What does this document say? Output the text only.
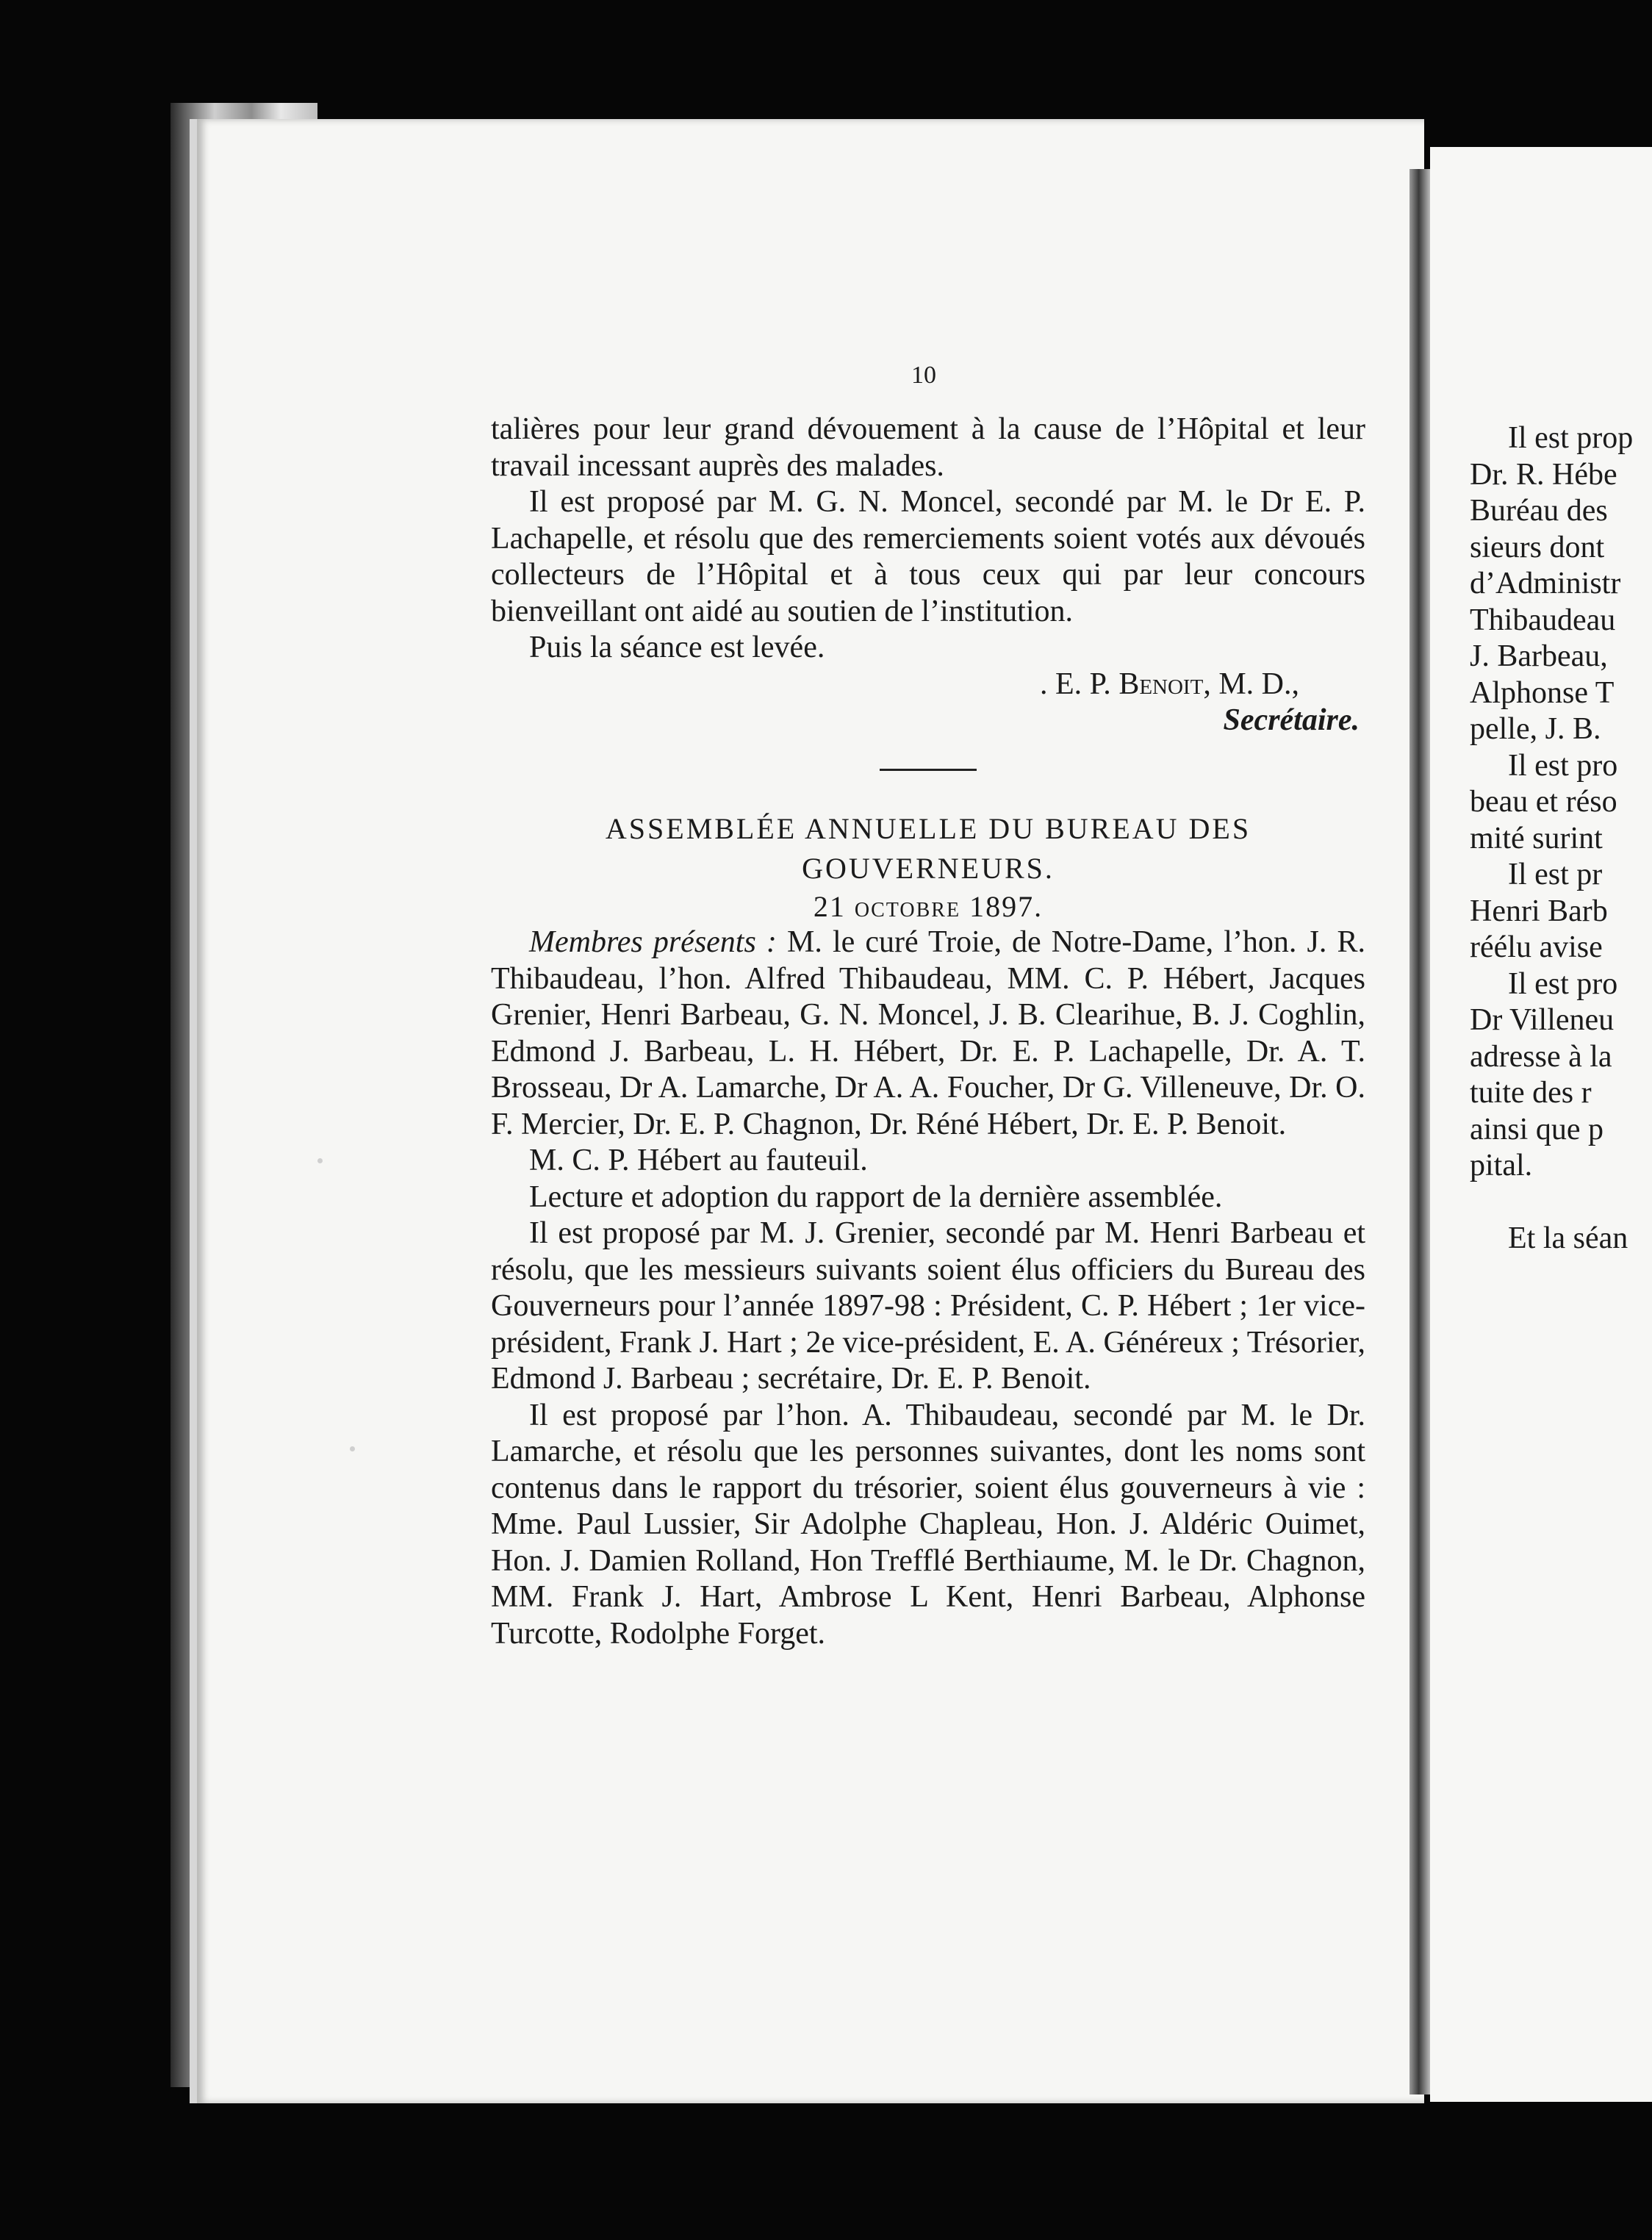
10

talières pour leur grand dévouement à la cause de l’Hôpital et leur travail incessant auprès des malades.

Il est proposé par M. G. N. Moncel, secondé par M. le Dr E. P. Lachapelle, et résolu que des remerciements soient votés aux dévoués collecteurs de l’Hôpital et à tous ceux qui par leur concours bienveillant ont aidé au soutien de l’institution.

Puis la séance est levée.

. E. P. Benoit, M. D.,

Secrétaire.

ASSEMBLÉE ANNUELLE DU BUREAU DES

GOUVERNEURS.

21 octobre 1897.

Membres présents : M. le curé Troie, de Notre-Dame, l’hon. J. R. Thibaudeau, l’hon. Alfred Thibaudeau, MM. C. P. Hébert, Jacques Grenier, Henri Barbeau, G. N. Moncel, J. B. Clearihue, B. J. Coghlin, Edmond J. Barbeau, L. H. Hébert, Dr. E. P. Lachapelle, Dr. A. T. Brosseau, Dr A. Lamarche, Dr A. A. Foucher, Dr G. Villeneuve, Dr. O. F. Mercier, Dr. E. P. Chagnon, Dr. Réné Hébert, Dr. E. P. Benoit.

M. C. P. Hébert au fauteuil.

Lecture et adoption du rapport de la dernière assemblée.

Il est proposé par M. J. Grenier, secondé par M. Henri Barbeau et résolu, que les messieurs suivants soient élus officiers du Bureau des Gouverneurs pour l’année 1897-98 : Président, C. P. Hébert ; 1er vice-président, Frank J. Hart ; 2e vice-président, E. A. Généreux ; Trésorier, Edmond J. Barbeau ; secrétaire, Dr. E. P. Benoit.

Il est proposé par l’hon. A. Thibaudeau, secondé par M. le Dr. Lamarche, et résolu que les personnes suivantes, dont les noms sont contenus dans le rapport du trésorier, soient élus gouverneurs à vie : Mme. Paul Lussier, Sir Adolphe Chapleau, Hon. J. Aldéric Ouimet, Hon. J. Damien Rolland, Hon Trefflé Berthiaume, M. le Dr. Chagnon, MM. Frank J. Hart, Ambrose L Kent, Henri Barbeau, Alphonse Turcotte, Rodolphe Forget.

Il est prop

Dr. R. Hébe

Buréau des

sieurs dont

d’Administr

Thibaudeau

J. Barbeau,

Alphonse T

pelle, J. B.

Il est pro

beau et réso

mité surint

Il est pr

Henri Barb

réélu avise

Il est pro

Dr Villeneu

adresse à la

tuite des r

ainsi que p

pital.

Et la séan
